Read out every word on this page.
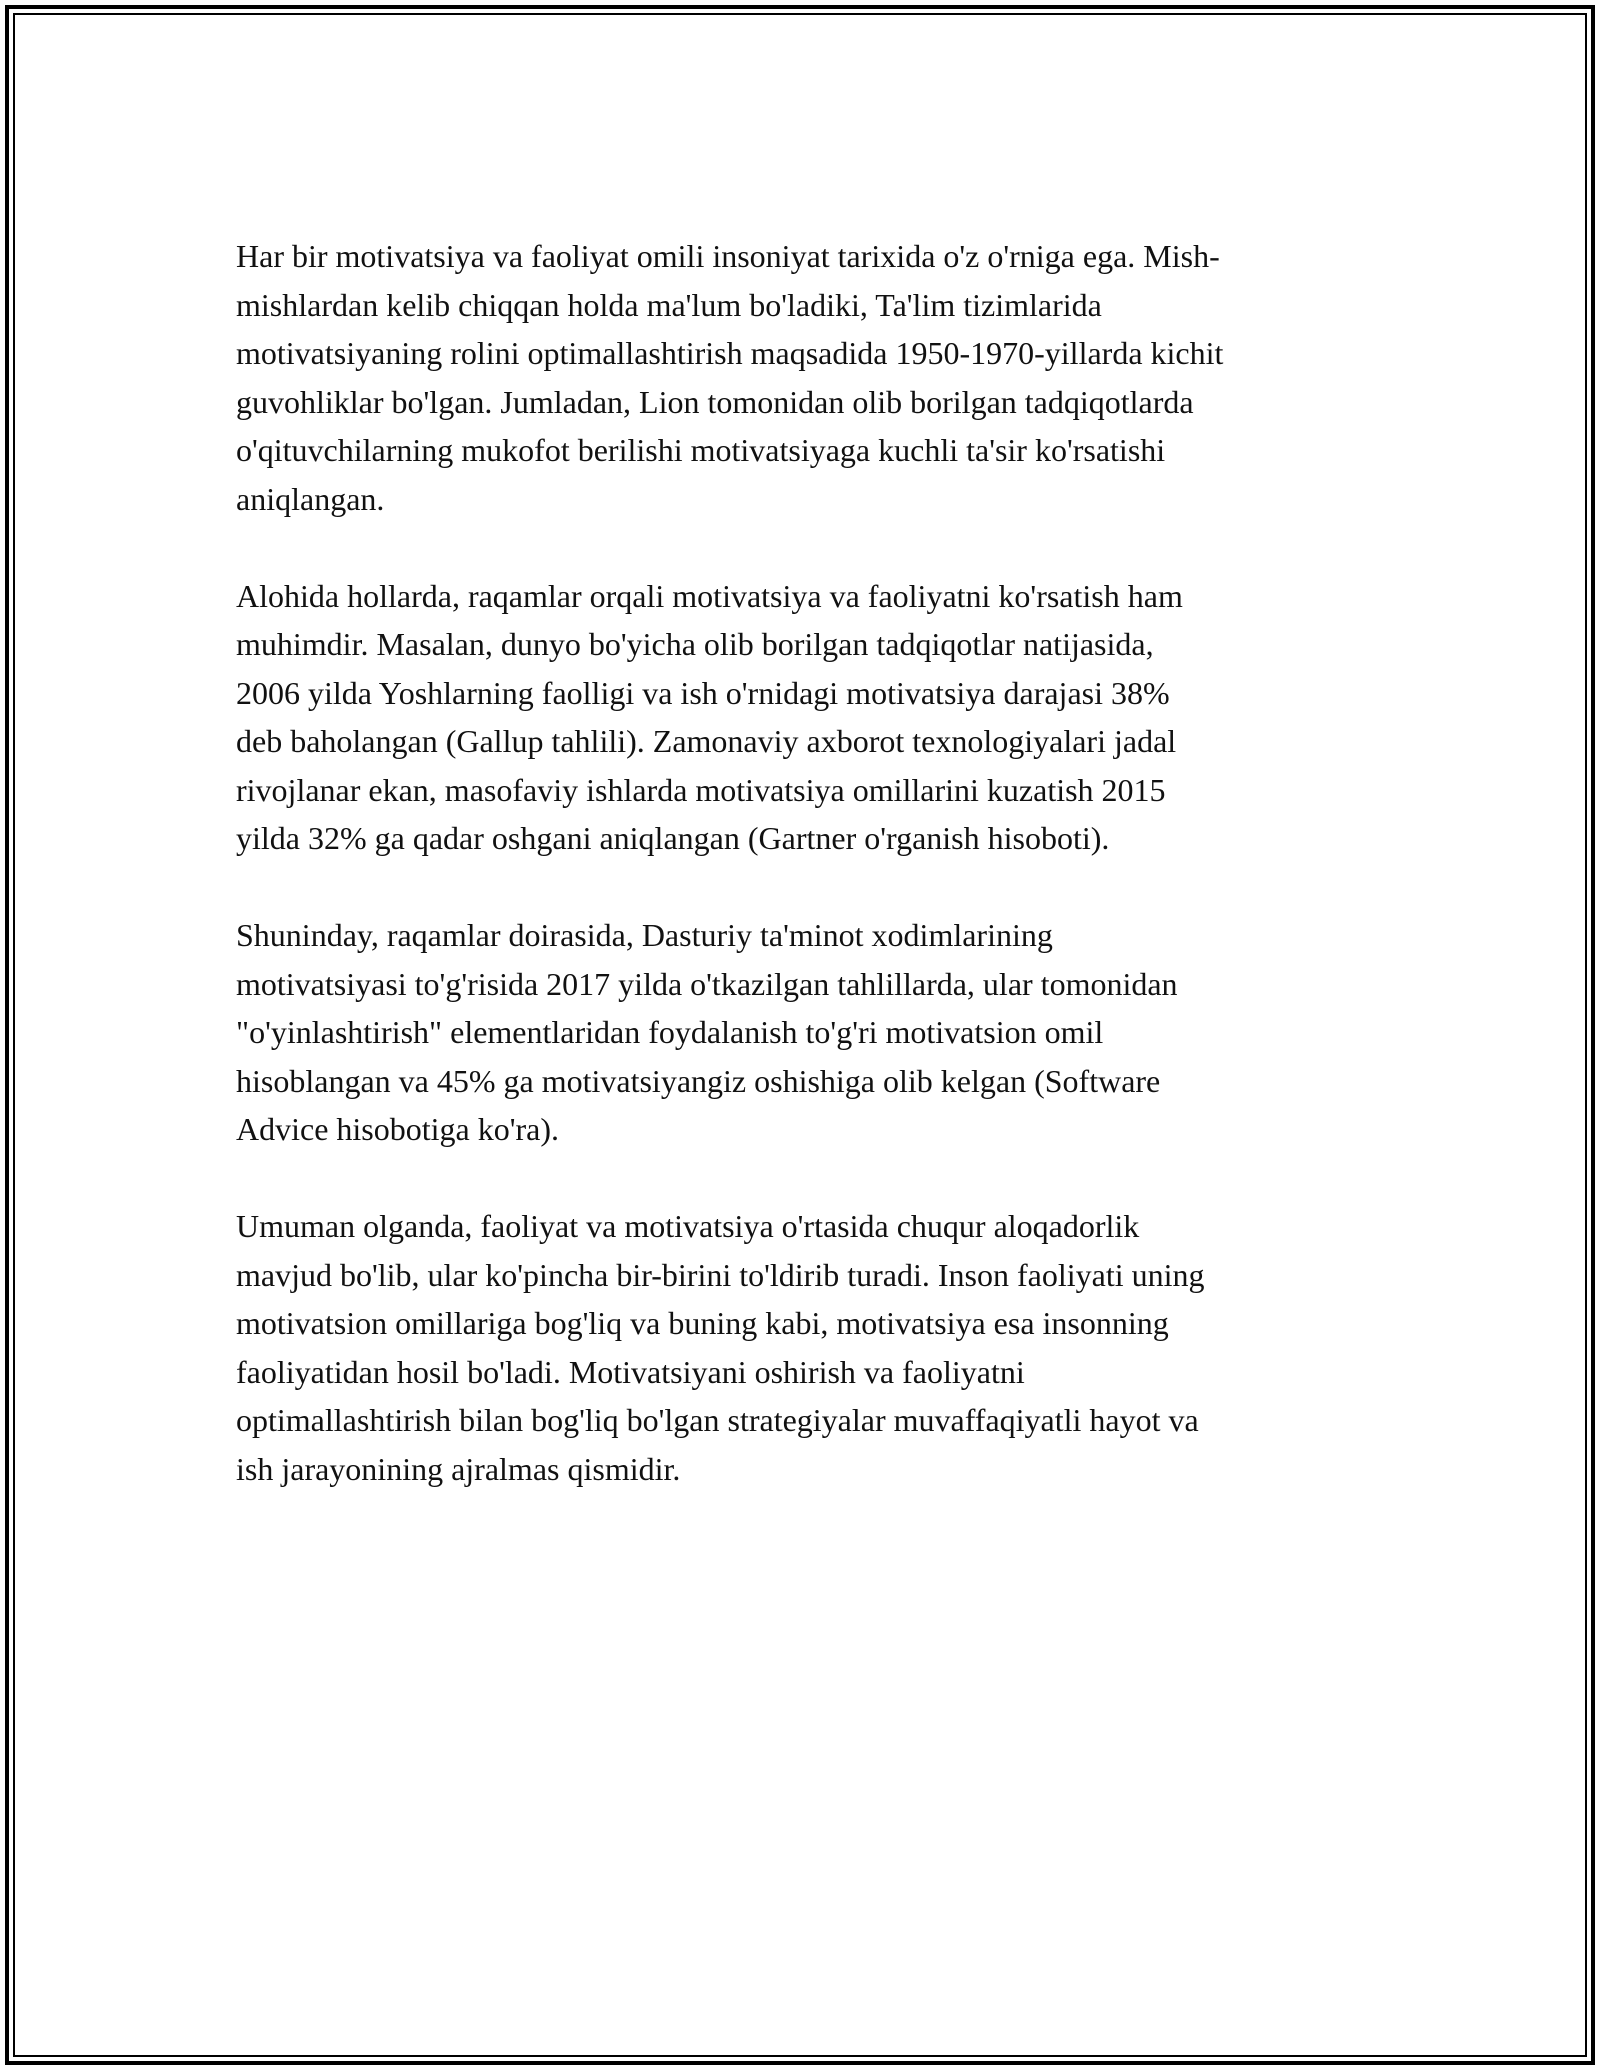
Har bir motivatsiya va faoliyat omili insoniyat tarixida o'z o'rniga ega. Mish-
mishlardan kelib chiqqan holda ma'lum bo'ladiki, Ta'lim tizimlarida
motivatsiyaning rolini optimallashtirish maqsadida 1950-1970-yillarda kichit
guvohliklar bo'lgan. Jumladan, Lion tomonidan olib borilgan tadqiqotlarda
o'qituvchilarning mukofot berilishi motivatsiyaga kuchli ta'sir ko'rsatishi
aniqlangan.

Alohida hollarda, raqamlar orqali motivatsiya va faoliyatni ko'rsatish ham
muhimdir. Masalan, dunyo bo'yicha olib borilgan tadqiqotlar natijasida,
2006 yilda Yoshlarning faolligi va ish o'rnidagi motivatsiya darajasi 38%
deb baholangan (Gallup tahlili). Zamonaviy axborot texnologiyalari jadal
rivojlanar ekan, masofaviy ishlarda motivatsiya omillarini kuzatish 2015
yilda 32% ga qadar oshgani aniqlangan (Gartner o'rganish hisoboti).

Shuninday, raqamlar doirasida, Dasturiy ta'minot xodimlarining
motivatsiyasi to'g'risida 2017 yilda o'tkazilgan tahlillarda, ular tomonidan
"o'yinlashtirish" elementlaridan foydalanish to'g'ri motivatsion omil
hisoblangan va 45% ga motivatsiyangiz oshishiga olib kelgan (Software
Advice hisobotiga ko'ra).

Umuman olganda, faoliyat va motivatsiya o'rtasida chuqur aloqadorlik
mavjud bo'lib, ular ko'pincha bir-birini to'ldirib turadi. Inson faoliyati uning
motivatsion omillariga bog'liq va buning kabi, motivatsiya esa insonning
faoliyatidan hosil bo'ladi. Motivatsiyani oshirish va faoliyatni
optimallashtirish bilan bog'liq bo'lgan strategiyalar muvaffaqiyatli hayot va
ish jarayonining ajralmas qismidir.
